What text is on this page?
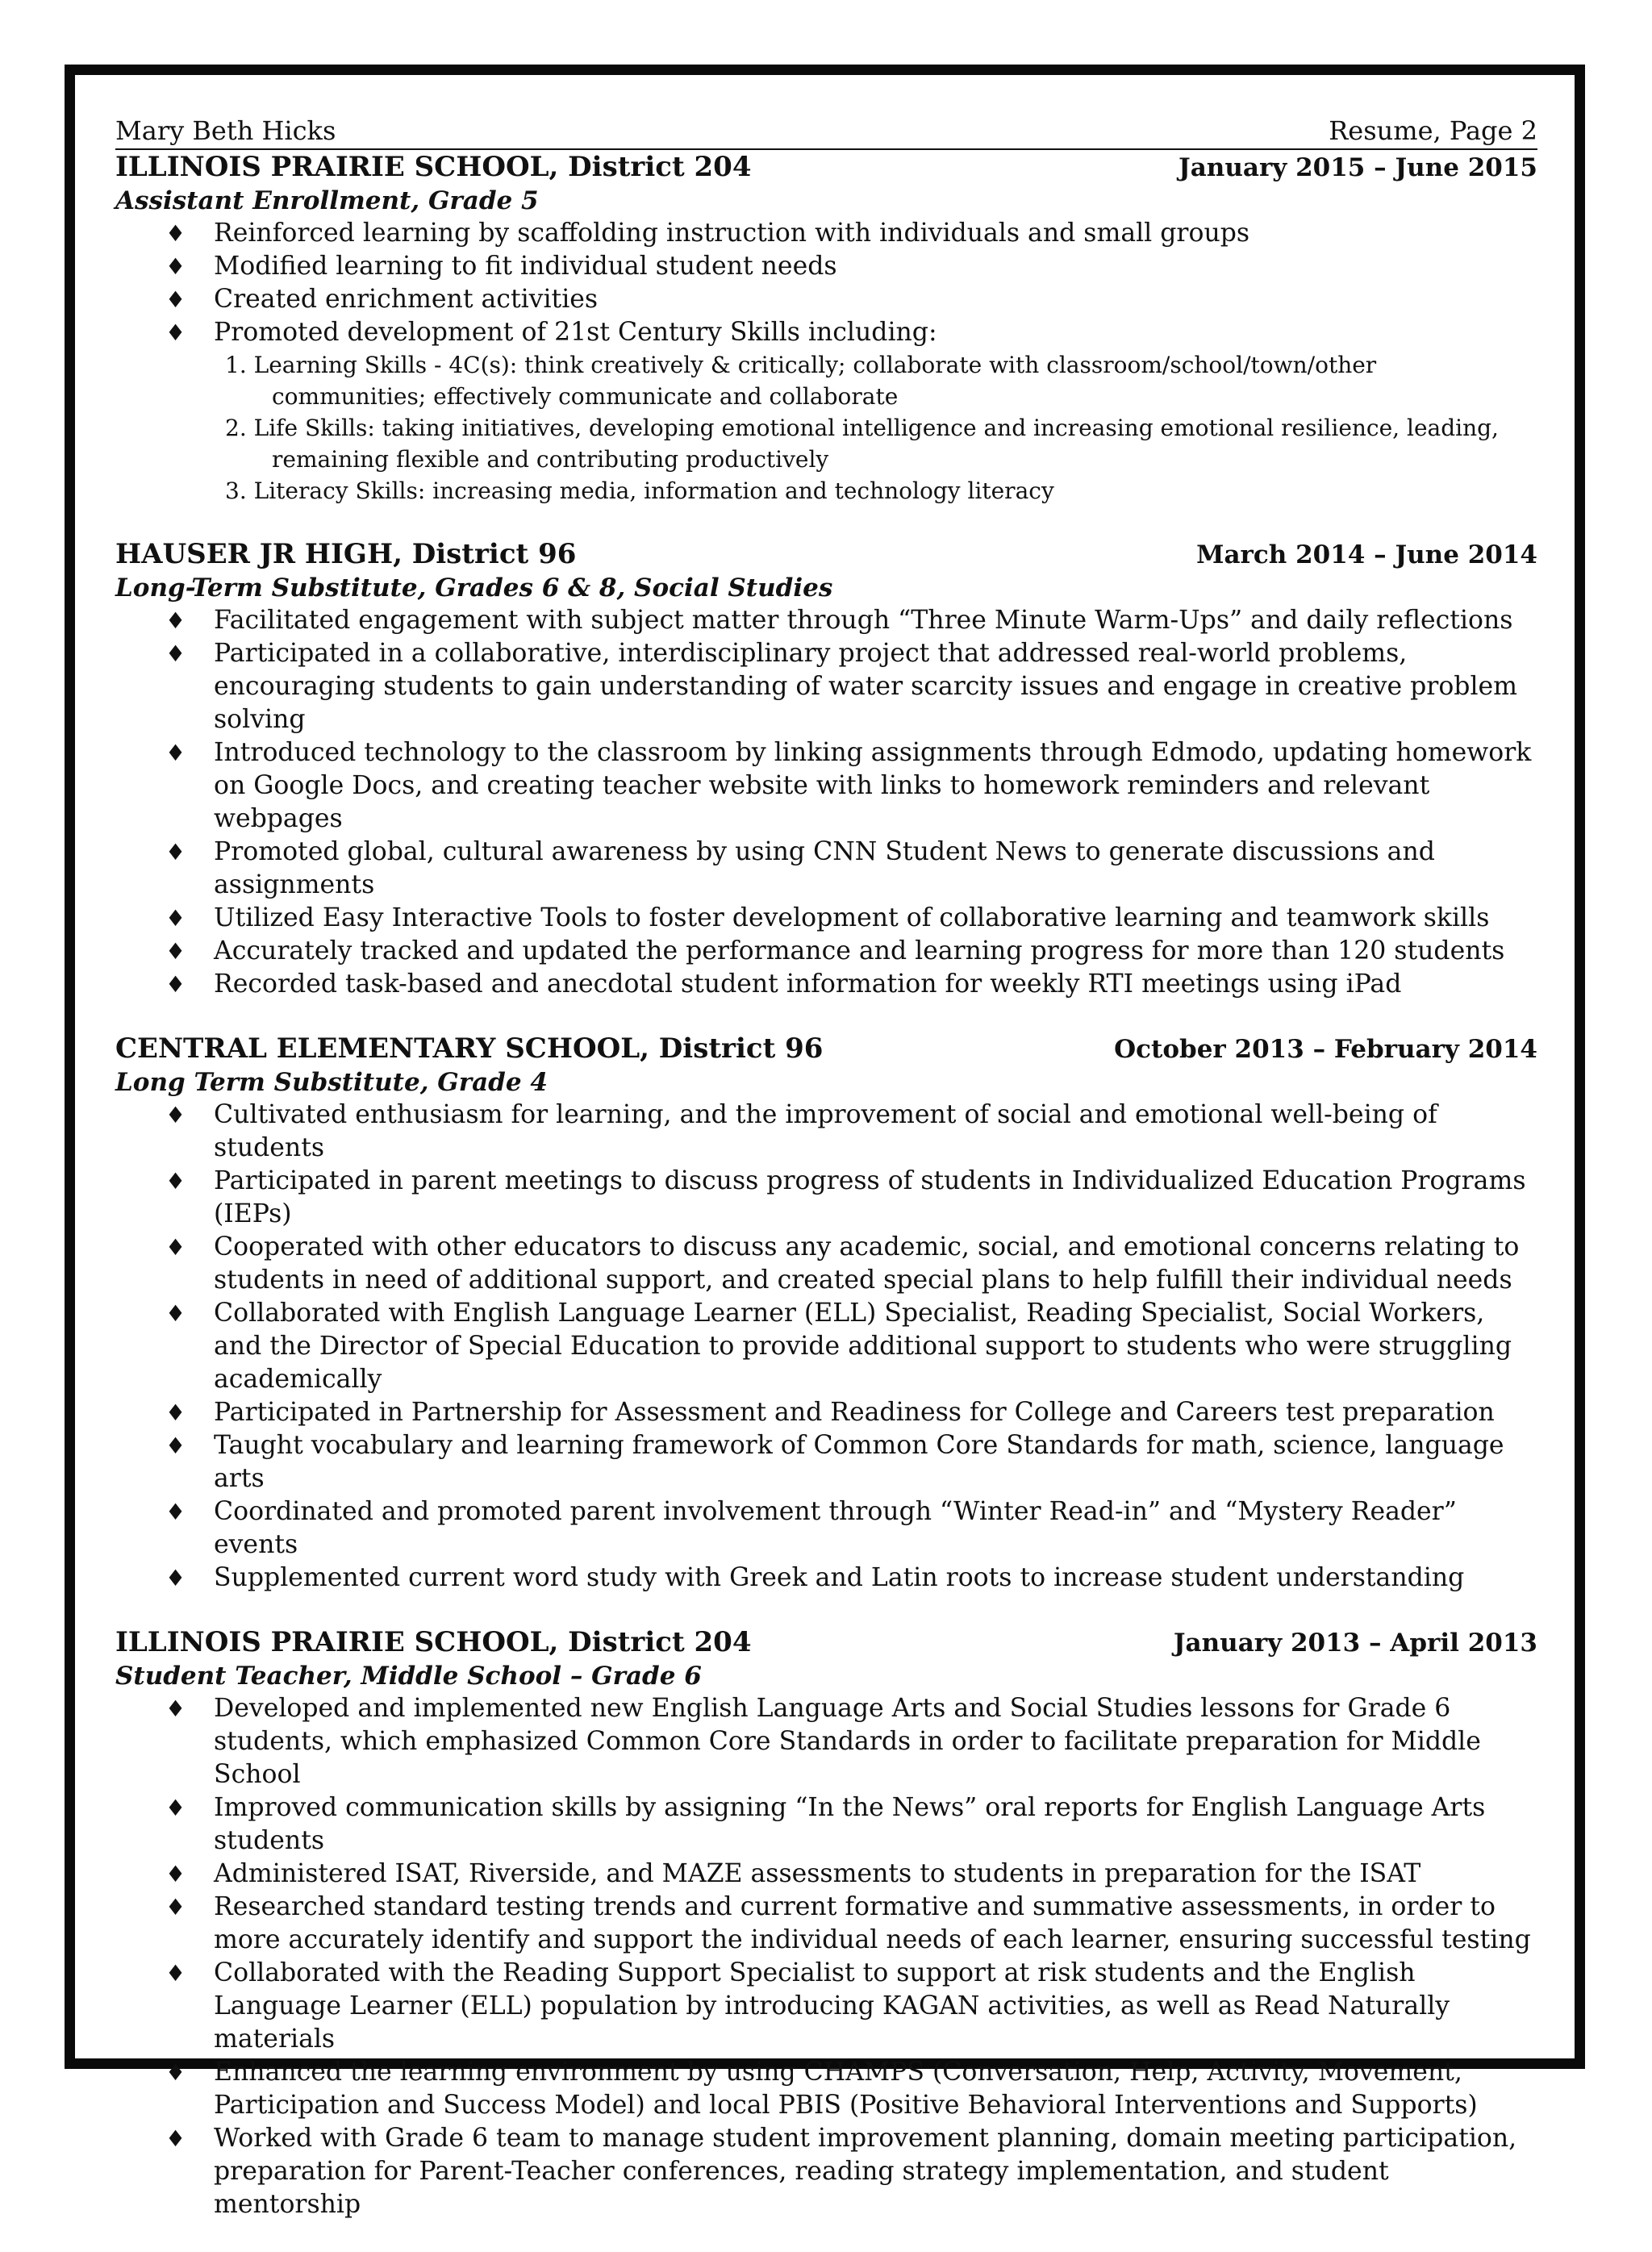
Mary Beth Hicks	Resume, Page 2
ILLINOIS PRAIRIE SCHOOL, District 204	January 2015 – June 2015
Assistant Enrollment, Grade 5
♦ Reinforced learning by scaffolding instruction with individuals and small groups
♦ Modified learning to fit individual student needs
♦ Created enrichment activities
♦ Promoted development of 21st Century Skills including:
1. Learning Skills - 4C(s): think creatively & critically; collaborate with classroom/school/town/other
communities; effectively communicate and collaborate
2. Life Skills: taking initiatives, developing emotional intelligence and increasing emotional resilience, leading,
remaining flexible and contributing productively
3. Literacy Skills: increasing media, information and technology literacy
HAUSER JR HIGH, District 96	March 2014 – June 2014
Long-Term Substitute, Grades 6 & 8, Social Studies
♦ Facilitated engagement with subject matter through “Three Minute Warm-Ups” and daily reflections
♦ Participated in a collaborative, interdisciplinary project that addressed real-world problems, encouraging students to gain understanding of water scarcity issues and engage in creative problem solving
♦ Introduced technology to the classroom by linking assignments through Edmodo, updating homework on Google Docs, and creating teacher website with links to homework reminders and relevant webpages
♦ Promoted global, cultural awareness by using CNN Student News to generate discussions and assignments
♦ Utilized Easy Interactive Tools to foster development of collaborative learning and teamwork skills
♦ Accurately tracked and updated the performance and learning progress for more than 120 students
♦ Recorded task-based and anecdotal student information for weekly RTI meetings using iPad
CENTRAL ELEMENTARY SCHOOL, District 96	October 2013 – February 2014
Long Term Substitute, Grade 4
♦ Cultivated enthusiasm for learning, and the improvement of social and emotional well-being of students
♦ Participated in parent meetings to discuss progress of students in Individualized Education Programs (IEPs)
♦ Cooperated with other educators to discuss any academic, social, and emotional concerns relating to students in need of additional support, and created special plans to help fulfill their individual needs
♦ Collaborated with English Language Learner (ELL) Specialist, Reading Specialist, Social Workers, and the Director of Special Education to provide additional support to students who were struggling academically
♦ Participated in Partnership for Assessment and Readiness for College and Careers test preparation
♦ Taught vocabulary and learning framework of Common Core Standards for math, science, language arts
♦ Coordinated and promoted parent involvement through “Winter Read-in” and “Mystery Reader” events
♦ Supplemented current word study with Greek and Latin roots to increase student understanding
ILLINOIS PRAIRIE SCHOOL, District 204	January 2013 – April 2013
Student Teacher, Middle School – Grade 6
♦ Developed and implemented new English Language Arts and Social Studies lessons for Grade 6 students, which emphasized Common Core Standards in order to facilitate preparation for Middle School
♦ Improved communication skills by assigning “In the News” oral reports for English Language Arts students
♦ Administered ISAT, Riverside, and MAZE assessments to students in preparation for the ISAT
♦ Researched standard testing trends and current formative and summative assessments, in order to more accurately identify and support the individual needs of each learner, ensuring successful testing
♦ Collaborated with the Reading Support Specialist to support at risk students and the English Language Learner (ELL) population by introducing KAGAN activities, as well as Read Naturally materials
♦ Enhanced the learning environment by using CHAMPS (Conversation, Help, Activity, Movement, Participation and Success Model) and local PBIS (Positive Behavioral Interventions and Supports)
♦ Worked with Grade 6 team to manage student improvement planning, domain meeting participation, preparation for Parent-Teacher conferences, reading strategy implementation, and student mentorship
